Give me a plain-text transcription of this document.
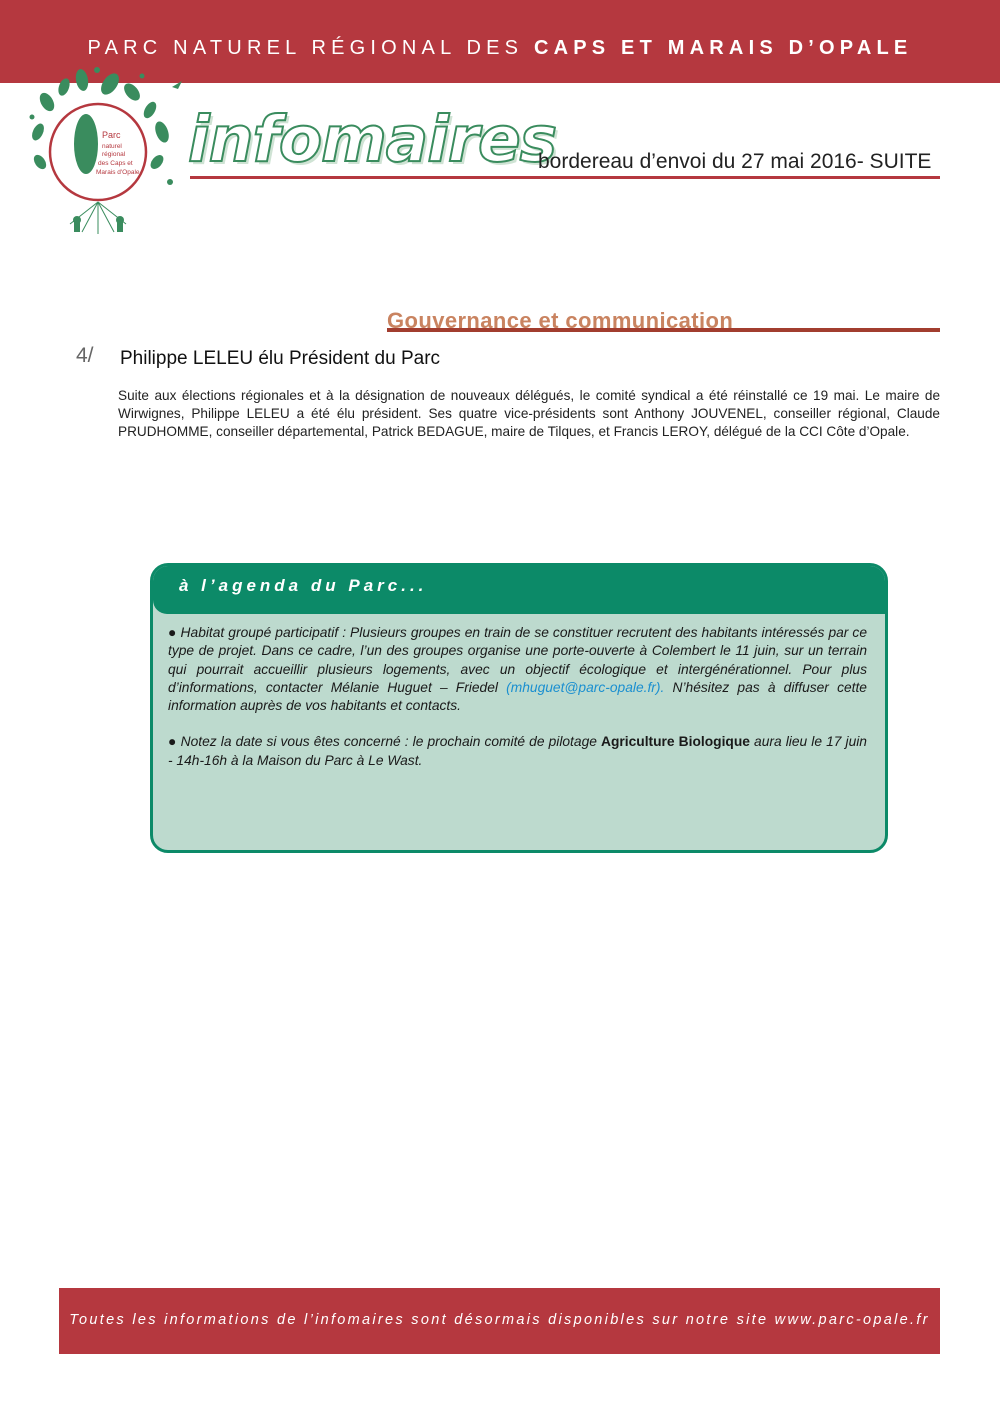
PARC NATUREL RÉGIONAL DES CAPS ET MARAIS D’OPALE
Parc
naturel
régional
des Caps et
Marais d'Opale infomaires
bordereau d’envoi du 27 mai 2016- SUITE
Gouvernance et communication
4/ Philippe LELEU élu Président du Parc
Suite aux élections régionales et à la désignation de nouveaux délégués, le comité syndical a été réinstallé ce 19 mai. Le maire de Wirwignes, Philippe LELEU a été élu président. Ses quatre vice-présidents sont Anthony JOUVENEL, conseiller régional, Claude PRUDHOMME, conseiller départemental, Patrick BEDAGUE, maire de Tilques, et Francis LEROY, délégué de la CCI Côte d’Opale.
à l’agenda du Parc...

● Habitat groupé participatif : Plusieurs groupes en train de se constituer recrutent des habitants intéressés par ce type de projet. Dans ce cadre, l’un des groupes organise une porte-ouverte à Colembert le 11 juin, sur un terrain qui pourrait accueillir plusieurs logements, avec un objectif écologique et intergénérationnel. Pour plus d’informations, contacter Mélanie Huguet – Friedel (mhuguet@parc-opale.fr). N’hésitez pas à diffuser cette information auprès de vos habitants et contacts.

● Notez la date si vous êtes concerné : le prochain comité de pilotage Agriculture Biologique aura lieu le 17 juin - 14h-16h à la Maison du Parc à Le Wast.

Toutes les informations de l’infomaires sont désormais disponibles sur notre site www.parc-opale.fr
